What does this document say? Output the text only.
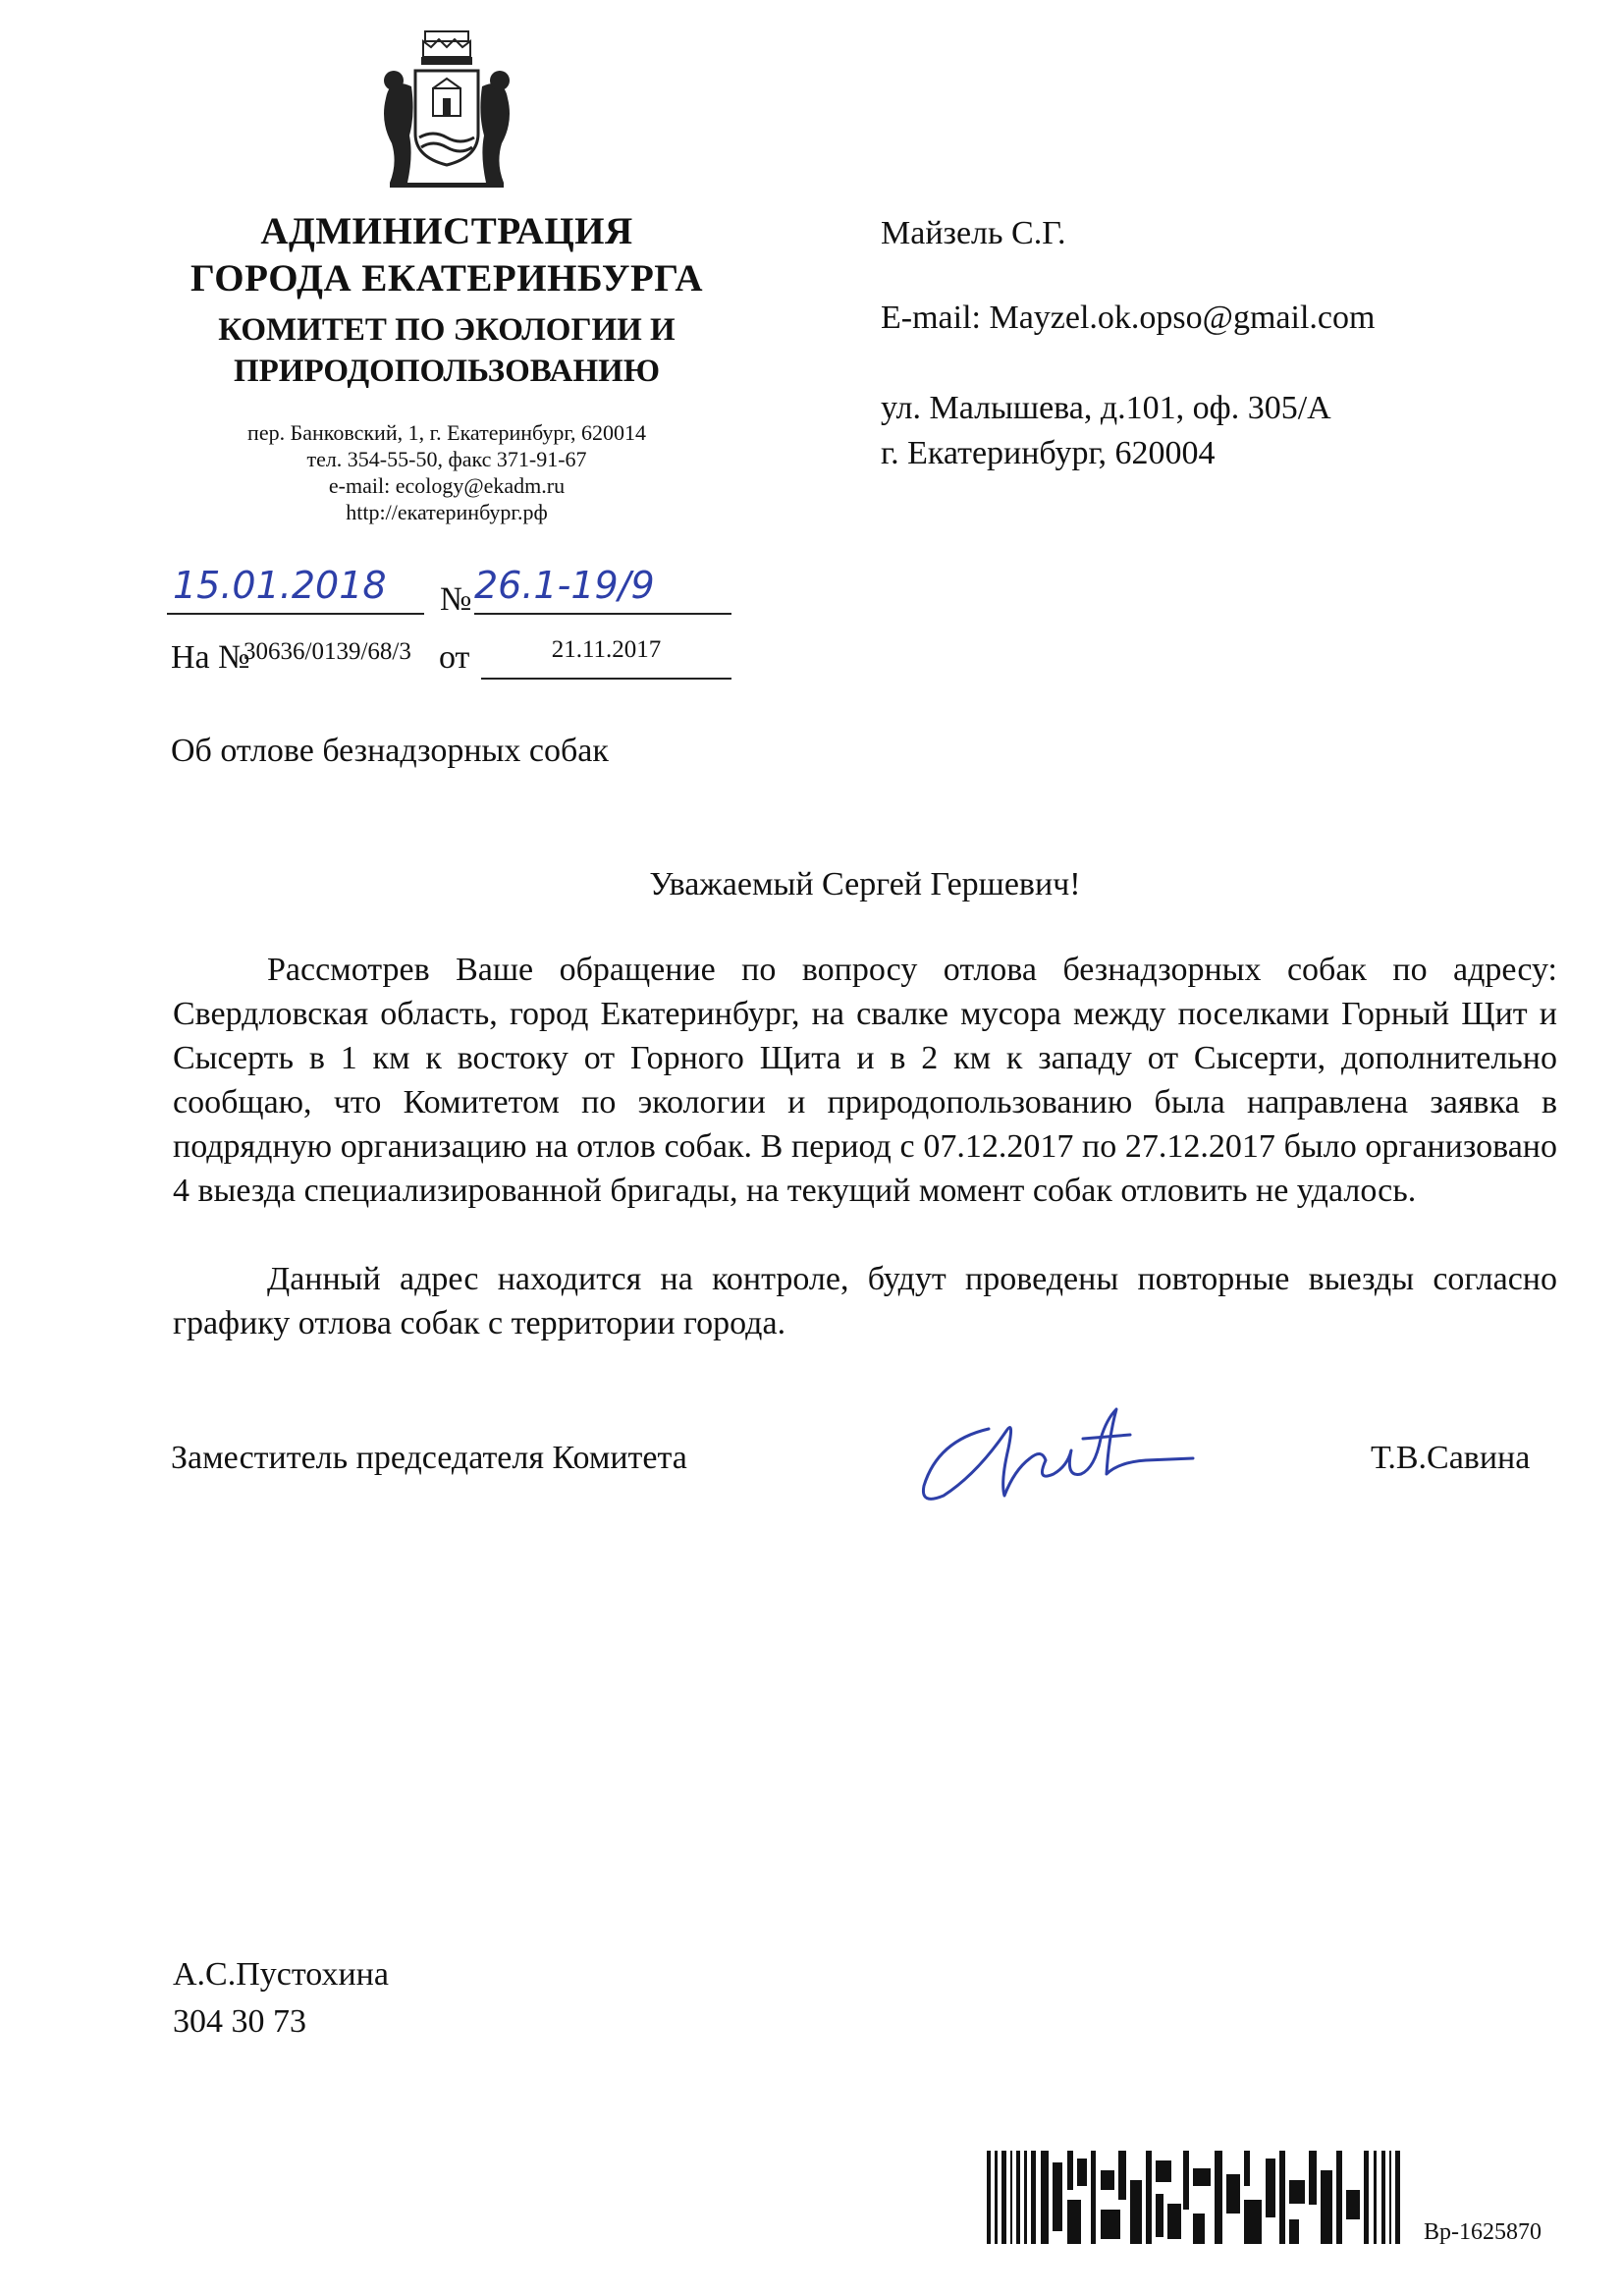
АДМИНИСТРАЦИЯ
ГОРОДА ЕКАТЕРИНБУРГА
КОМИТЕТ ПО ЭКОЛОГИИ И
ПРИРОДОПОЛЬЗОВАНИЮ
пер. Банковский, 1, г. Екатеринбург, 620014
тел. 354-55-50, факс 371-91-67
e-mail: ecology@ekadm.ru
http://екатеринбург.рф
Майзель С.Г.
E-mail: Mayzel.ok.opso@gmail.com
ул. Малышева, д.101, оф. 305/А
г. Екатеринбург, 620004
15.01.2018 № 26.1-19/9
На №
30636/0139/68/3 от	21.11.2017
Об отлове безнадзорных собак
Уважаемый Сергей Гершевич!
Рассмотрев Ваше обращение по вопросу отлова безнадзорных собак по адресу: Свердловская область, город Екатеринбург, на свалке мусора между поселками Горный Щит и Сысерть в 1 км к востоку от Горного Щита и в 2 км к западу от Сысерти, дополнительно сообщаю, что Комитетом по экологии и природопользованию была направлена заявка в подрядную организацию на отлов собак. В период с 07.12.2017 по 27.12.2017 было организовано 4 выезда специализированной бригады, на текущий момент собак отловить не удалось.
Данный адрес находится на контроле, будут проведены повторные выезды согласно графику отлова собак с территории города.
Заместитель председателя Комитета	Т.В.Савина
А.С.Пустохина
304 30 73
Вр-1625870
